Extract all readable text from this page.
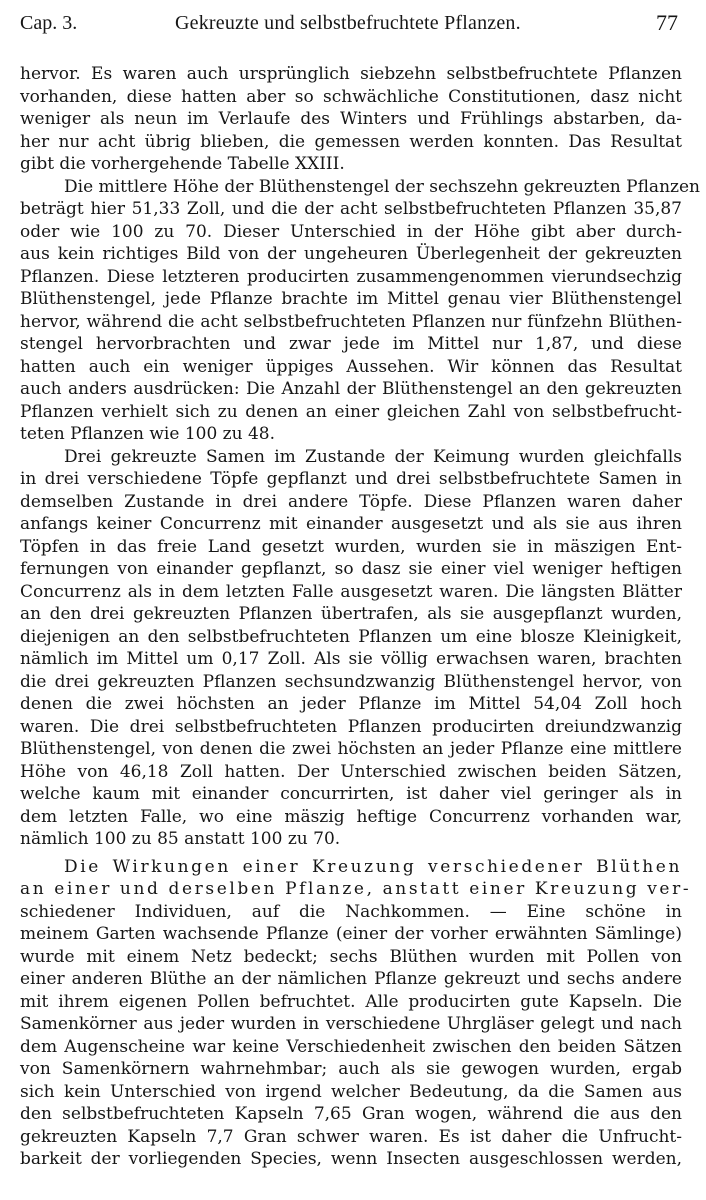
Cap. 3.	Gekreuzte und selbstbefruchtete Pflanzen.	77
hervor. Es waren auch ursprünglich siebzehn selbstbefruchtete Pflanzen
vorhanden, diese hatten aber so schwächliche Constitutionen, dasz nicht
weniger als neun im Verlaufe des Winters und Frühlings abstarben, da-
her nur acht übrig blieben, die gemessen werden konnten. Das Resultat
gibt die vorhergehende Tabelle XXIII.
Die mittlere Höhe der Blüthenstengel der sechszehn gekreuzten Pflanzen
beträgt hier 51,33 Zoll, und die der acht selbstbefruchteten Pflanzen 35,87
oder wie 100 zu 70. Dieser Unterschied in der Höhe gibt aber durch-
aus kein richtiges Bild von der ungeheuren Überlegenheit der gekreuzten
Pflanzen. Diese letzteren producirten zusammengenommen vierundsechzig
Blüthenstengel, jede Pflanze brachte im Mittel genau vier Blüthenstengel
hervor, während die acht selbstbefruchteten Pflanzen nur fünfzehn Blüthen-
stengel hervorbrachten und zwar jede im Mittel nur 1,87, und diese
hatten auch ein weniger üppiges Aussehen. Wir können das Resultat
auch anders ausdrücken: Die Anzahl der Blüthenstengel an den gekreuzten
Pflanzen verhielt sich zu denen an einer gleichen Zahl von selbstbefrucht-
teten Pflanzen wie 100 zu 48.
Drei gekreuzte Samen im Zustande der Keimung wurden gleichfalls
in drei verschiedene Töpfe gepflanzt und drei selbstbefruchtete Samen in
demselben Zustande in drei andere Töpfe. Diese Pflanzen waren daher
anfangs keiner Concurrenz mit einander ausgesetzt und als sie aus ihren
Töpfen in das freie Land gesetzt wurden, wurden sie in mäszigen Ent-
fernungen von einander gepflanzt, so dasz sie einer viel weniger heftigen
Concurrenz als in dem letzten Falle ausgesetzt waren. Die längsten Blätter
an den drei gekreuzten Pflanzen übertrafen, als sie ausgepflanzt wurden,
diejenigen an den selbstbefruchteten Pflanzen um eine blosze Kleinigkeit,
nämlich im Mittel um 0,17 Zoll. Als sie völlig erwachsen waren, brachten
die drei gekreuzten Pflanzen sechsundzwanzig Blüthenstengel hervor, von
denen die zwei höchsten an jeder Pflanze im Mittel 54,04 Zoll hoch
waren. Die drei selbstbefruchteten Pflanzen producirten dreiundzwanzig
Blüthenstengel, von denen die zwei höchsten an jeder Pflanze eine mittlere
Höhe von 46,18 Zoll hatten. Der Unterschied zwischen beiden Sätzen,
welche kaum mit einander concurrirten, ist daher viel geringer als in
dem letzten Falle, wo eine mäszig heftige Concurrenz vorhanden war,
nämlich 100 zu 85 anstatt 100 zu 70.
Die Wirkungen einer Kreuzung verschiedener Blüthen
an einer und derselben Pflanze, anstatt einer Kreuzung ver-
schiedener Individuen, auf die Nachkommen. — Eine schöne in
meinem Garten wachsende Pflanze (einer der vorher erwähnten Sämlinge)
wurde mit einem Netz bedeckt; sechs Blüthen wurden mit Pollen von
einer anderen Blüthe an der nämlichen Pflanze gekreuzt und sechs andere
mit ihrem eigenen Pollen befruchtet. Alle producirten gute Kapseln. Die
Samenkörner aus jeder wurden in verschiedene Uhrgläser gelegt und nach
dem Augenscheine war keine Verschiedenheit zwischen den beiden Sätzen
von Samenkörnern wahrnehmbar; auch als sie gewogen wurden, ergab
sich kein Unterschied von irgend welcher Bedeutung, da die Samen aus
den selbstbefruchteten Kapseln 7,65 Gran wogen, während die aus den
gekreuzten Kapseln 7,7 Gran schwer waren. Es ist daher die Unfrucht-
barkeit der vorliegenden Species, wenn Insecten ausgeschlossen werden,
